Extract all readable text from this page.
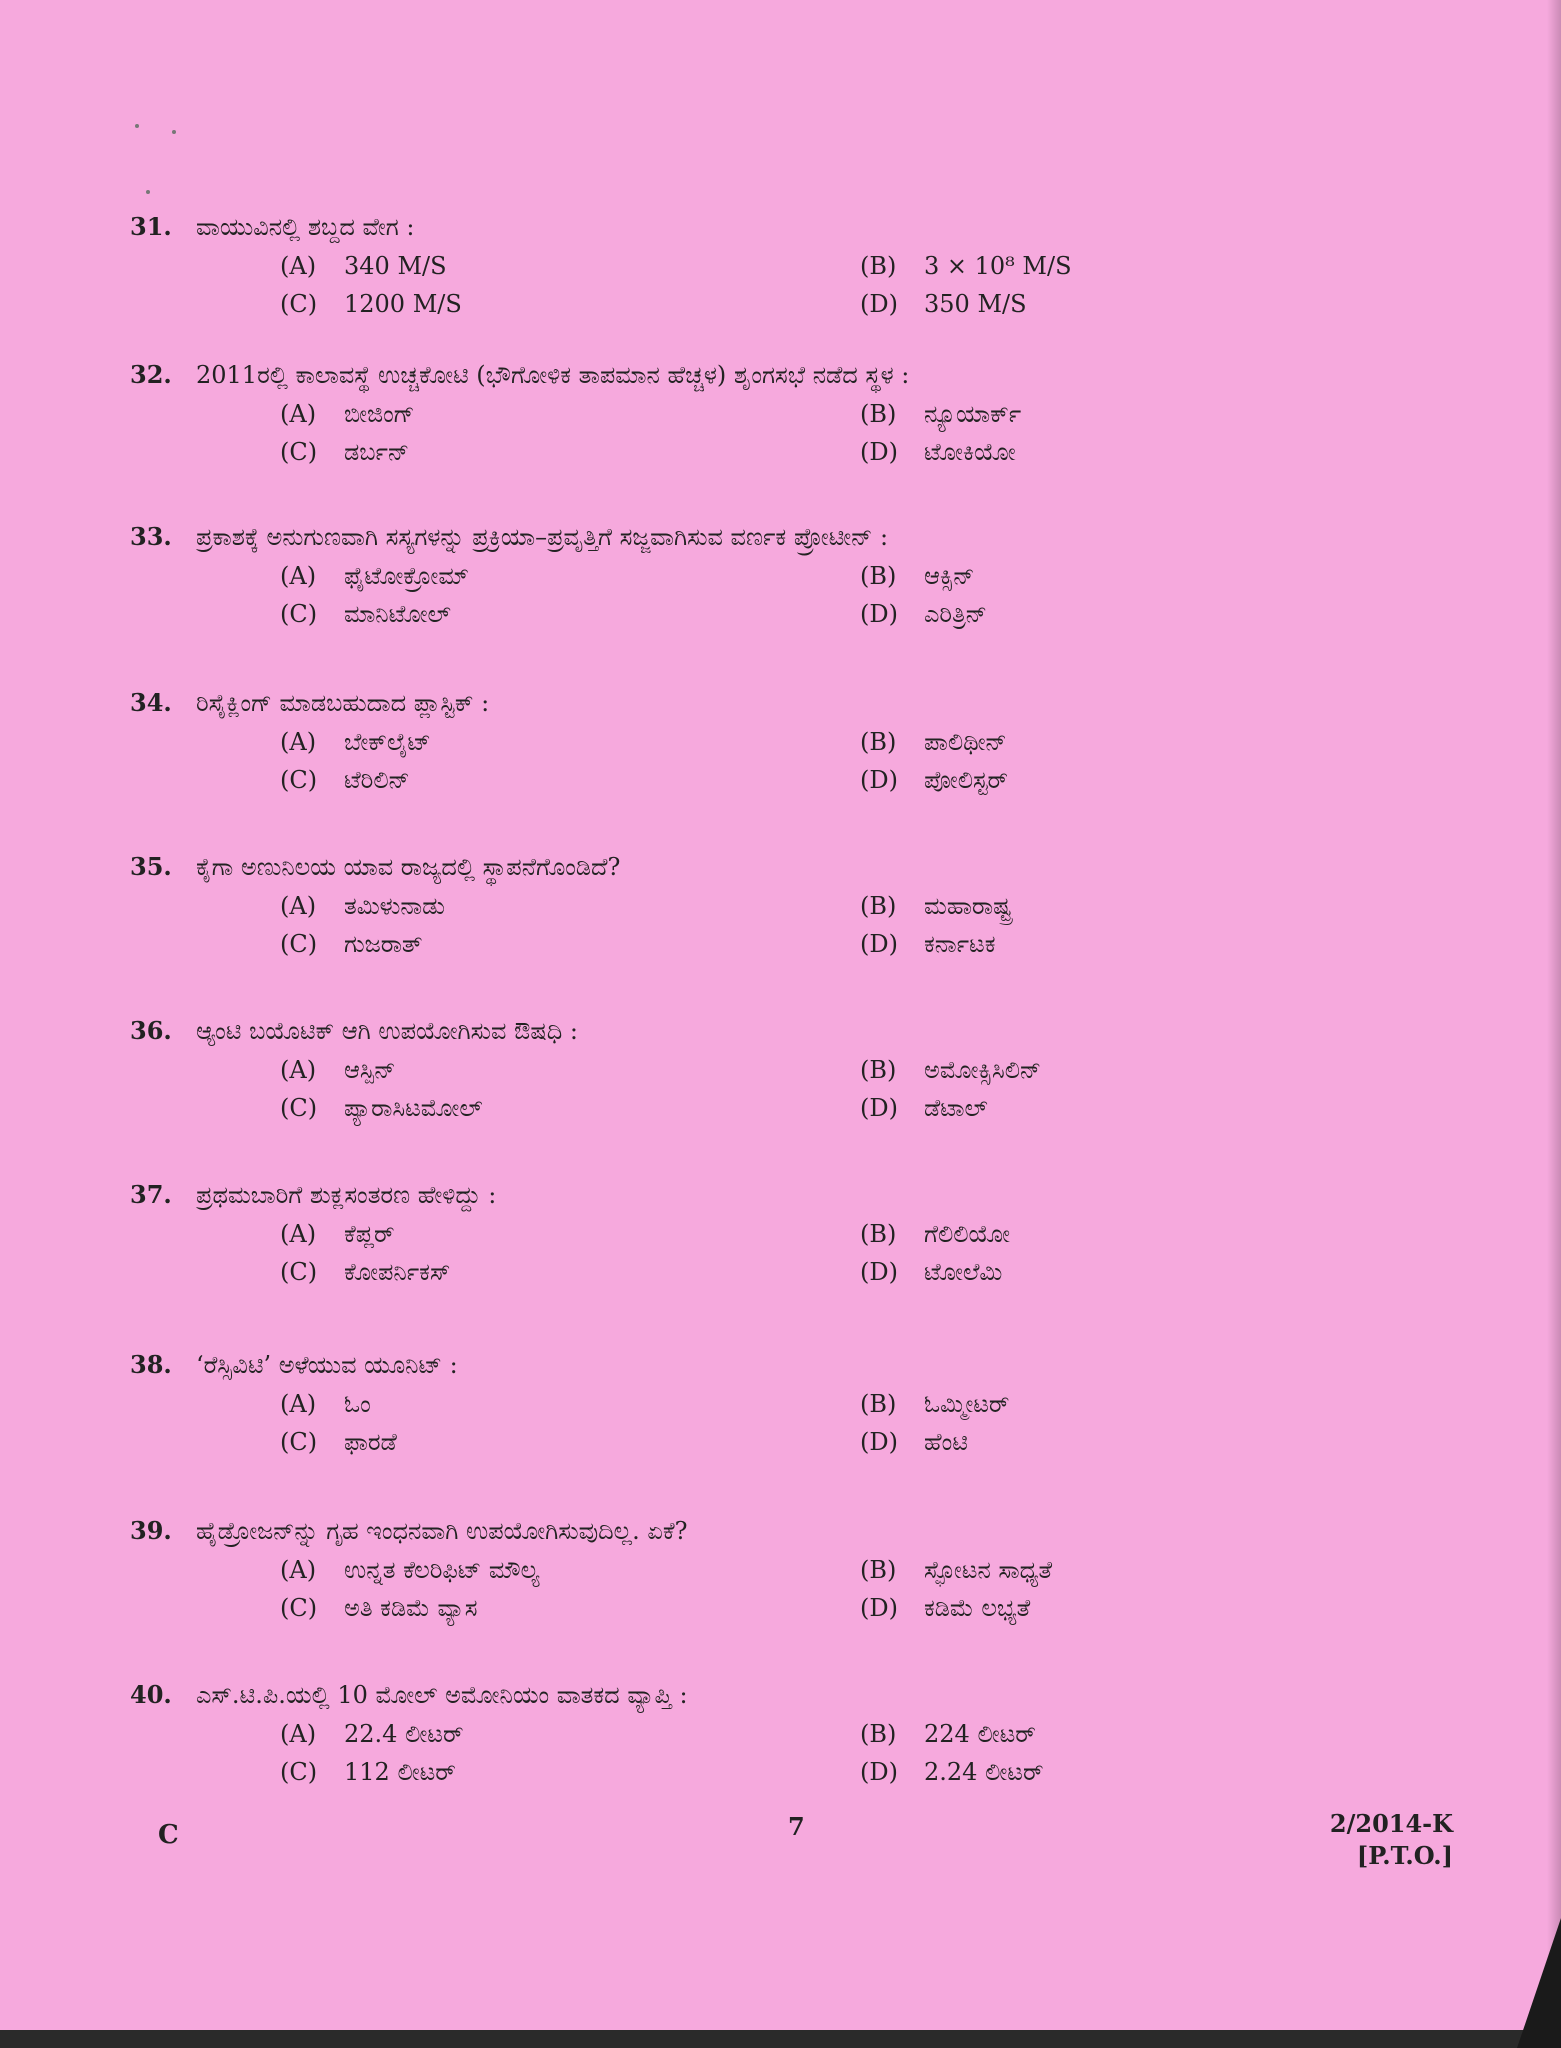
31.	ವಾಯುವಿನಲ್ಲಿ ಶಬ್ದದ ವೇಗ :
(A)	340 M/S	(B)	3 × 10⁸ M/S
(C)	1200 M/S	(D)	350 M/S
32.	2011ರಲ್ಲಿ ಕಾಲಾವಸ್ಥೆ ಉಚ್ಚಕೋಟಿ (ಭೌಗೋಳಿಕ ತಾಪಮಾನ ಹೆಚ್ಚಳ) ಶೃಂಗಸಭೆ ನಡೆದ ಸ್ಥಳ :
(A)	ಬೀಜಿಂಗ್	(B)	ನ್ಯೂಯಾರ್ಕ್
(C)	ಡರ್ಬನ್	(D)	ಟೋಕಿಯೋ
33.	ಪ್ರಕಾಶಕ್ಕೆ ಅನುಗುಣವಾಗಿ ಸಸ್ಯಗಳನ್ನು ಪ್ರಕ್ರಿಯಾ–ಪ್ರವೃತ್ತಿಗೆ ಸಜ್ಜವಾಗಿಸುವ ವರ್ಣಕ ಪ್ರೋಟೀನ್ :
(A)	ಫೈಟೋಕ್ರೋಮ್	(B)	ಆಕ್ಸಿನ್
(C)	ಮಾನಿಟೋಲ್	(D)	ಎರಿತ್ರಿನ್
34.	ರಿಸೈಕ್ಲಿಂಗ್ ಮಾಡಬಹುದಾದ ಪ್ಲಾಸ್ಟಿಕ್ :
(A)	ಬೇಕ್‌ಲೈಟ್	(B)	ಪಾಲಿಥೀನ್
(C)	ಟೆರಿಲಿನ್	(D)	ಪೋಲಿಸ್ಟರ್
35.	ಕೈಗಾ ಅಣುನಿಲಯ ಯಾವ ರಾಜ್ಯದಲ್ಲಿ ಸ್ಥಾಪನೆಗೊಂಡಿದೆ?
(A)	ತಮಿಳುನಾಡು	(B)	ಮಹಾರಾಷ್ಟ್ರ
(C)	ಗುಜರಾತ್	(D)	ಕರ್ನಾಟಕ
36.	ಆ್ಯಂಟಿ ಬಯೊಟಿಕ್ ಆಗಿ ಉಪಯೋಗಿಸುವ ಔಷಧಿ :
(A)	ಆಸ್ಪಿನ್	(B)	ಅಮೋಕ್ಸಿಸಿಲಿನ್
(C)	ಪ್ಯಾರಾಸಿಟಮೋಲ್	(D)	ಡೆಟಾಲ್
37.	ಪ್ರಥಮಬಾರಿಗೆ ಶುಕ್ಲಸಂತರಣ ಹೇಳಿದ್ದು :
(A)	ಕೆಪ್ಲರ್	(B)	ಗೆಲಿಲಿಯೋ
(C)	ಕೋಪರ್ನಿಕಸ್	(D)	ಟೋಲೆಮಿ
38.	‘ರೆಸ್ಸಿವಿಟಿ’ ಅಳೆಯುವ ಯೂನಿಟ್ :
(A)	ಓಂ	(B)	ಓಮ್ಮೀಟರ್
(C)	ಫಾರಡೆ	(D)	ಹೆಂಟಿ
39.	ಹೈಡ್ರೋಜನ್‌ನ್ನು ಗೃಹ ಇಂಧನವಾಗಿ ಉಪಯೋಗಿಸುವುದಿಲ್ಲ. ಏಕೆ?
(A)	ಉನ್ನತ ಕೆಲರಿಫಿಟ್ ಮೌಲ್ಯ	(B)	ಸ್ಫೋಟನ ಸಾಧ್ಯತೆ
(C)	ಅತಿ ಕಡಿಮೆ ವ್ಯಾಸ	(D)	ಕಡಿಮೆ ಲಭ್ಯತೆ
40.	ಎಸ್.ಟಿ.ಪಿ.ಯಲ್ಲಿ 10 ಮೋಲ್ ಅಮೋನಿಯಂ ವಾತಕದ ವ್ಯಾಪ್ತಿ :
(A)	22.4 ಲೀಟರ್	(B)	224 ಲೀಟರ್
(C)	112 ಲೀಟರ್	(D)	2.24 ಲೀಟರ್
C	7	2/2014-K
[P.T.O.]
